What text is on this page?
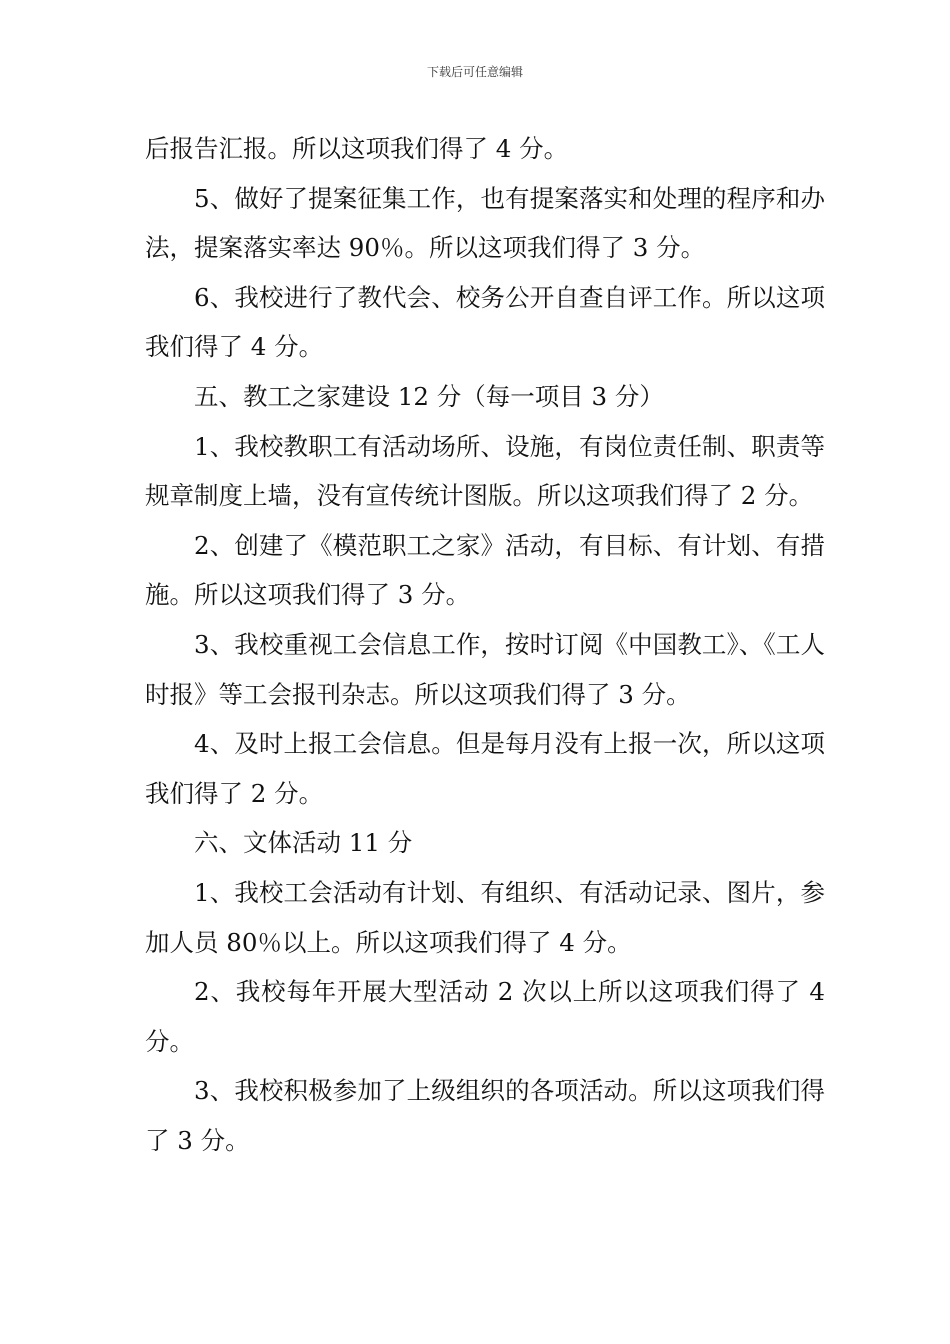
下载后可任意编辑

后报告汇报。所以这项我们得了 4 分。

5、做好了提案征集工作，也有提案落实和处理的程序和办法，提案落实率达 90％。所以这项我们得了 3 分。

6、我校进行了教代会、校务公开自查自评工作。所以这项我们得了 4 分。

五、教工之家建设 12 分（每一项目 3 分）

1、我校教职工有活动场所、设施，有岗位责任制、职责等规章制度上墙，没有宣传统计图版。所以这项我们得了 2 分。

2、创建了《模范职工之家》活动，有目标、有计划、有措施。所以这项我们得了 3 分。

3、我校重视工会信息工作，按时订阅《中国教工》、《工人时报》等工会报刊杂志。所以这项我们得了 3 分。

4、及时上报工会信息。但是每月没有上报一次，所以这项我们得了 2 分。

六、文体活动 11 分

1、我校工会活动有计划、有组织、有活动记录、图片，参加人员 80％以上。所以这项我们得了 4 分。

2、我校每年开展大型活动 2 次以上所以这项我们得了 4 分。

3、我校积极参加了上级组织的各项活动。所以这项我们得了 3 分。
